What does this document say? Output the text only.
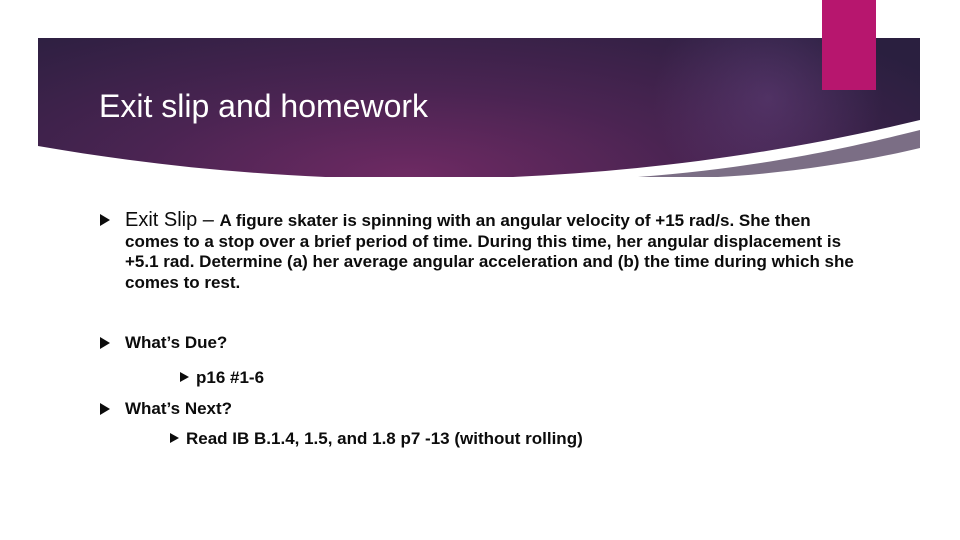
Exit slip and homework

Exit Slip – A figure skater is spinning with an angular velocity of +15 rad/s. She then comes to a stop over a brief period of time. During this time, her angular displacement is +5.1 rad. Determine (a) her average angular acceleration and (b) the time during which she comes to rest.

What’s Due?

p16 #1-6

What’s Next?

Read IB B.1.4, 1.5, and 1.8 p7 -13 (without rolling)
